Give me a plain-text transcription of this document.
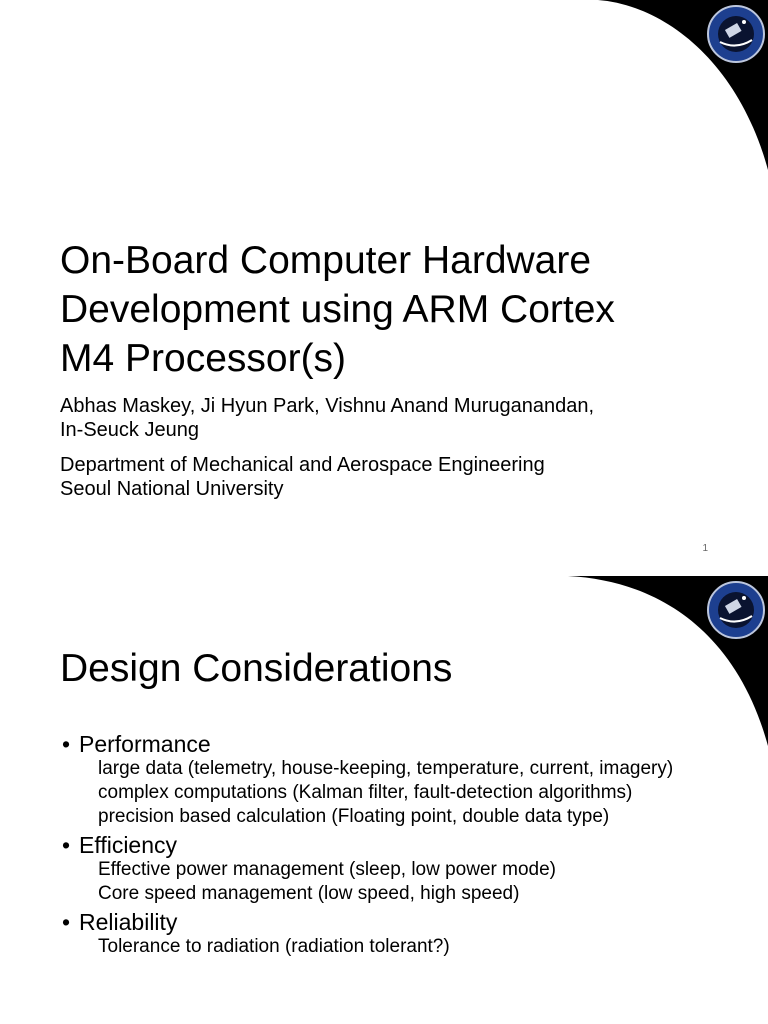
On-Board Computer Hardware
Development using ARM Cortex
M4 Processor(s)

Abhas Maskey, Ji Hyun Park, Vishnu Anand Muruganandan,
In-Seuck Jeung

Department of Mechanical and Aerospace Engineering
Seoul National University

1
Design Considerations
• Performance
large data (telemetry, house-keeping, temperature, current, imagery)
complex computations (Kalman filter, fault-detection algorithms)
precision based calculation (Floating point, double data type)
• Efficiency
Effective power management (sleep, low power mode)
Core speed management (low speed, high speed)
• Reliability
Tolerance to radiation (radiation tolerant?)
